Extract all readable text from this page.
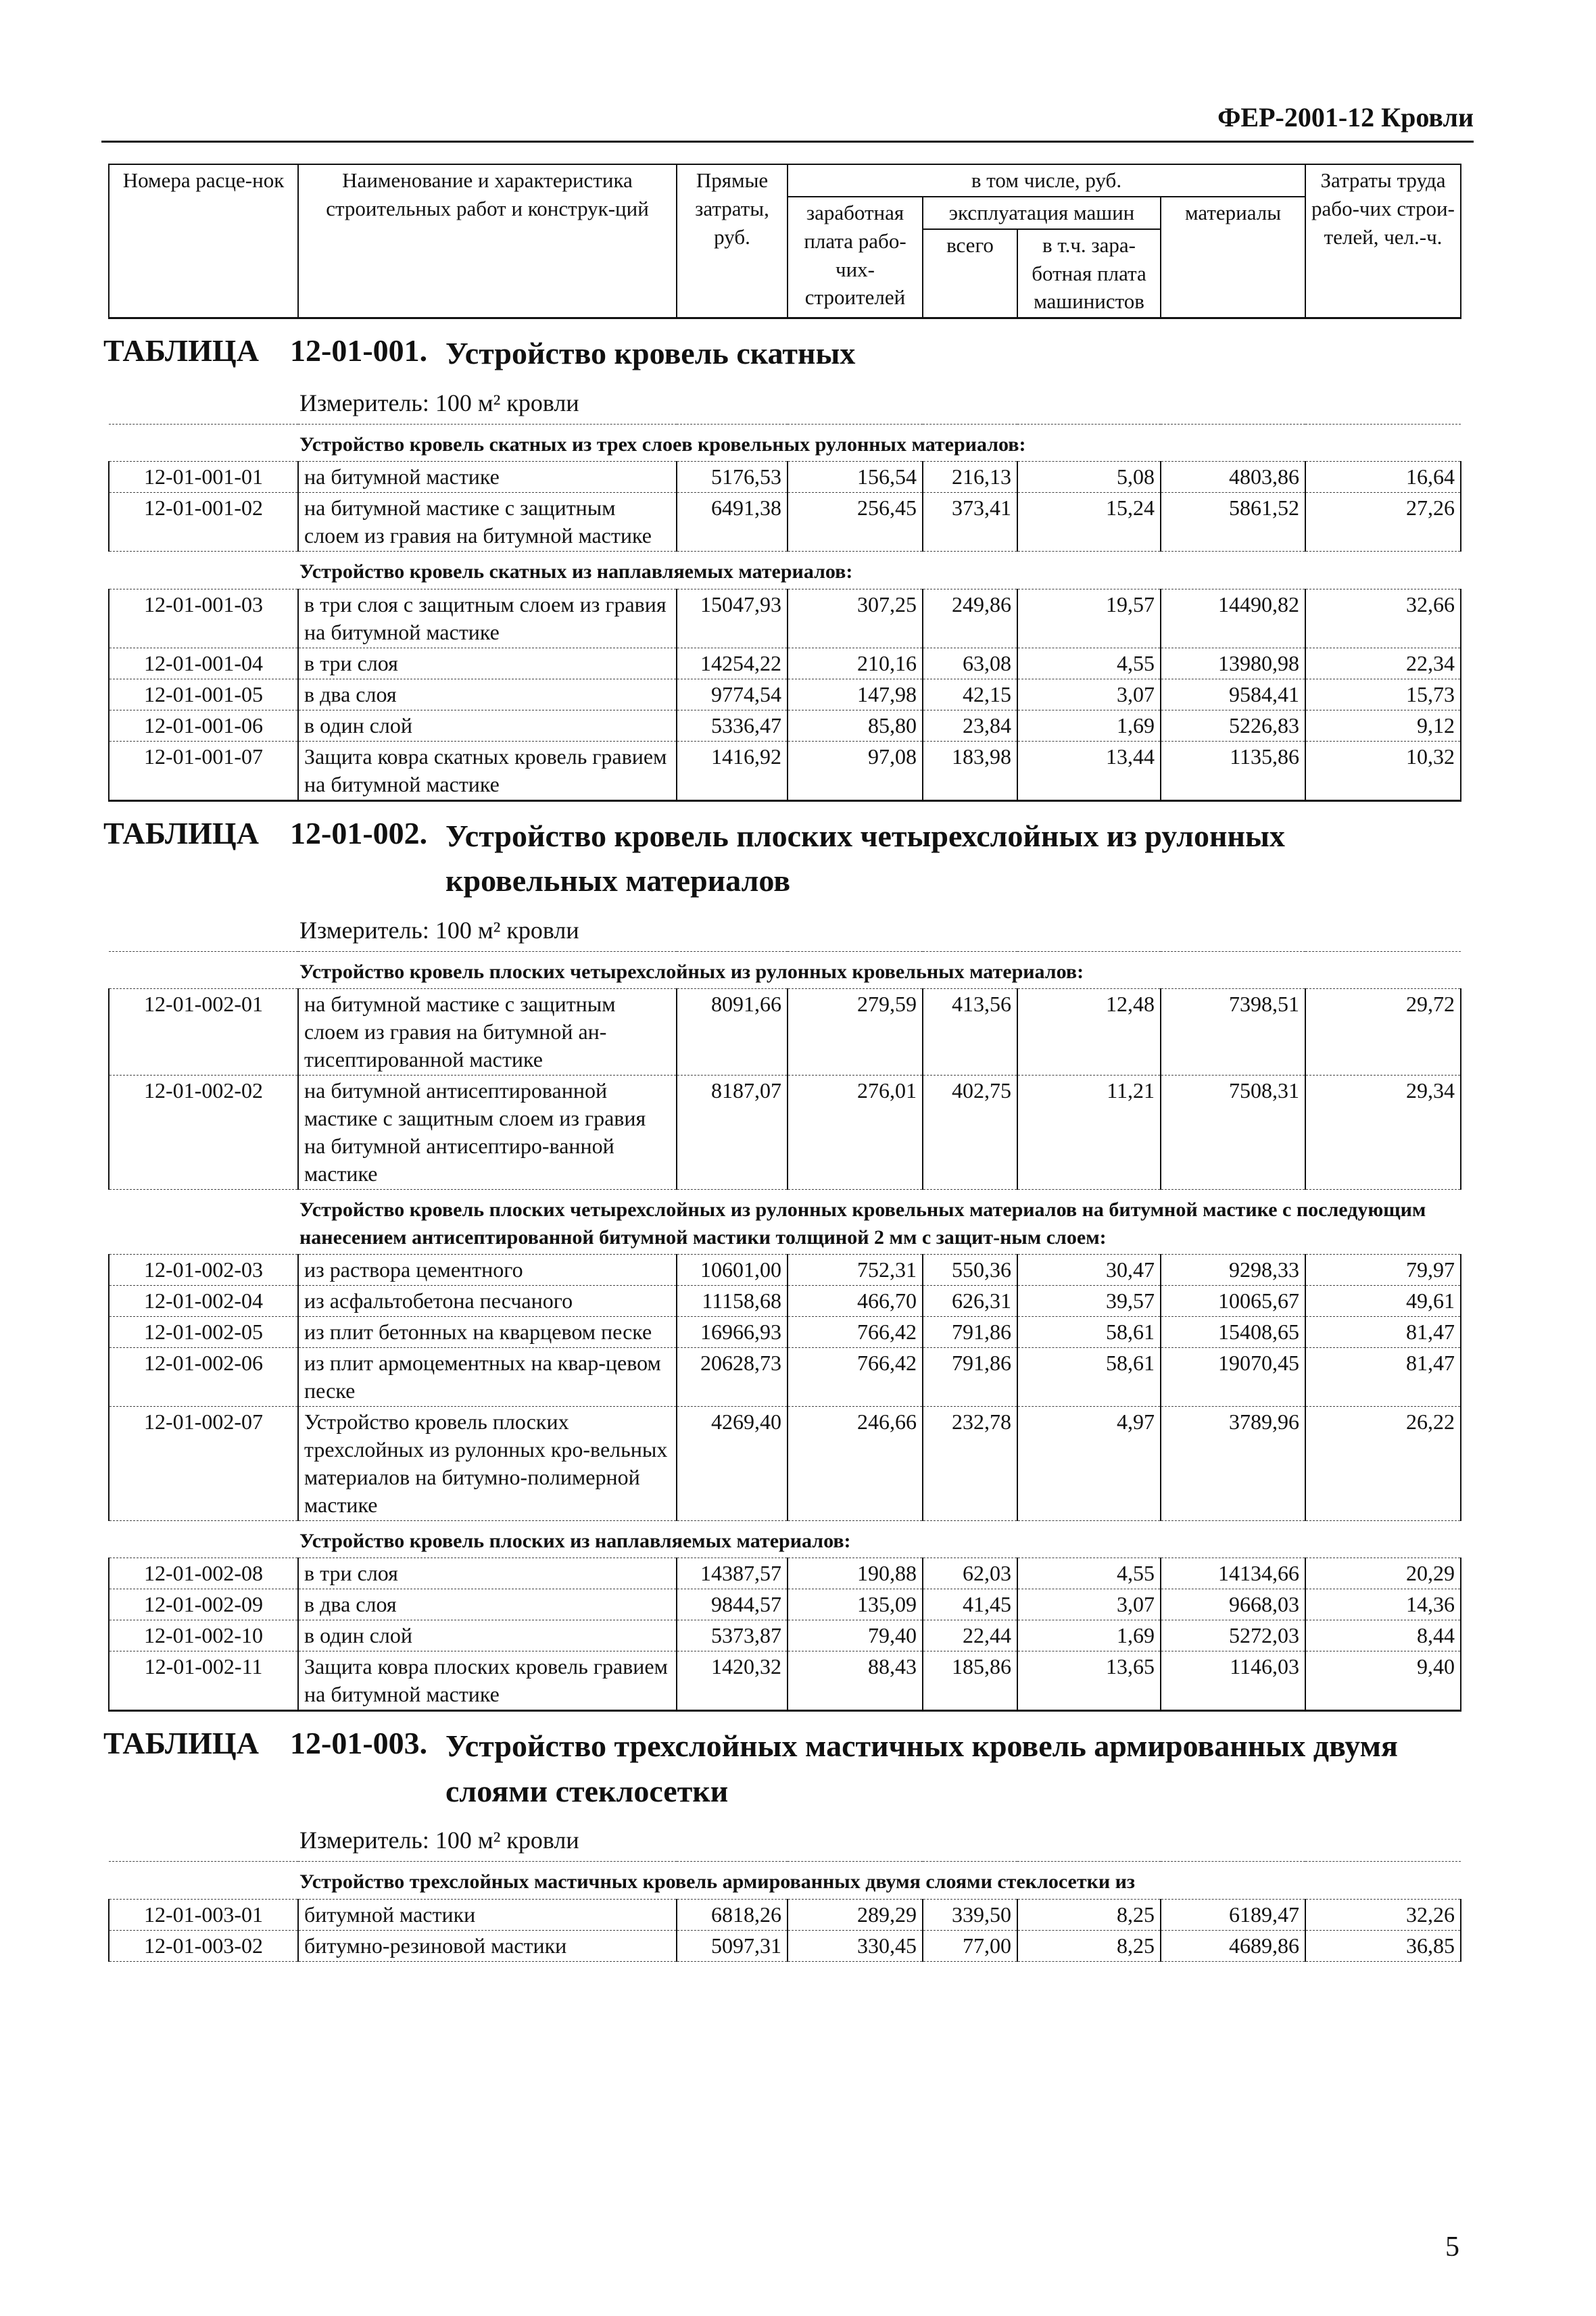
ФЕР-2001-12 Кровли
Номера расце-нок	Наименование и характеристика строительных работ и конструк-ций	Прямые затраты, руб.	в том числе, руб.				Затраты труда рабо-чих строи-телей, чел.-ч.
			заработная плата рабо-чих-строителей	эксплуатация машин		материалы	
				всего	в т.ч. зара-ботная плата машинистов		

ТАБЛИЦА 12-01-001. Устройство кровель скатных							

Измеритель: 100 м² кровли							
Устройство кровель скатных из трех слоев кровельных рулонных материалов:							
12-01-001-01	на битумной мастике	5176,53	156,54	216,13	5,08	4803,86	16,64
12-01-001-02	на битумной мастике с защитным слоем из гравия на битумной мастике	6491,38	256,45	373,41	15,24	5861,52	27,26
Устройство кровель скатных из наплавляемых материалов:							
12-01-001-03	в три слоя с защитным слоем из гравия на битумной мастике	15047,93	307,25	249,86	19,57	14490,82	32,66
12-01-001-04	в три слоя	14254,22	210,16	63,08	4,55	13980,98	22,34
12-01-001-05	в два слоя	9774,54	147,98	42,15	3,07	9584,41	15,73
12-01-001-06	в один слой	5336,47	85,80	23,84	1,69	5226,83	9,12
12-01-001-07	Защита ковра скатных кровель гравием на битумной мастике	1416,92	97,08	183,98	13,44	1135,86	10,32

ТАБЛИЦА 12-01-002. Устройство кровель плоских четырехслойных из рулонных кровельных материалов							

Измеритель: 100 м² кровли							
Устройство кровель плоских четырехслойных из рулонных кровельных материалов:							
12-01-002-01	на битумной мастике с защитным слоем из гравия на битумной ан-тисептированной мастике	8091,66	279,59	413,56	12,48	7398,51	29,72
12-01-002-02	на битумной антисептированной мастике с защитным слоем из гравия на битумной антисептиро-ванной мастике	8187,07	276,01	402,75	11,21	7508,31	29,34
Устройство кровель плоских четырехслойных из рулонных кровельных материалов на битумной мастике с последующим нанесением антисептированной битумной мастики толщиной 2 мм с защит-ным слоем:							
12-01-002-03	из раствора цементного	10601,00	752,31	550,36	30,47	9298,33	79,97
12-01-002-04	из асфальтобетона песчаного	11158,68	466,70	626,31	39,57	10065,67	49,61
12-01-002-05	из плит бетонных на кварцевом песке	16966,93	766,42	791,86	58,61	15408,65	81,47
12-01-002-06	из плит армоцементных на квар-цевом песке	20628,73	766,42	791,86	58,61	19070,45	81,47
12-01-002-07	Устройство кровель плоских трехслойных из рулонных кро-вельных материалов на битумно-полимерной мастике	4269,40	246,66	232,78	4,97	3789,96	26,22
Устройство кровель плоских из наплавляемых материалов:							
12-01-002-08	в три слоя	14387,57	190,88	62,03	4,55	14134,66	20,29
12-01-002-09	в два слоя	9844,57	135,09	41,45	3,07	9668,03	14,36
12-01-002-10	в один слой	5373,87	79,40	22,44	1,69	5272,03	8,44
12-01-002-11	Защита ковра плоских кровель гравием на битумной мастике	1420,32	88,43	185,86	13,65	1146,03	9,40

ТАБЛИЦА 12-01-003. Устройство трехслойных мастичных кровель армированных двумя слоями стеклосетки							

Измеритель: 100 м² кровли							
Устройство трехслойных мастичных кровель армированных двумя слоями стеклосетки из							
12-01-003-01	битумной мастики	6818,26	289,29	339,50	8,25	6189,47	32,26
12-01-003-02	битумно-резиновой мастики	5097,31	330,45	77,00	8,25	4689,86	36,85
5
